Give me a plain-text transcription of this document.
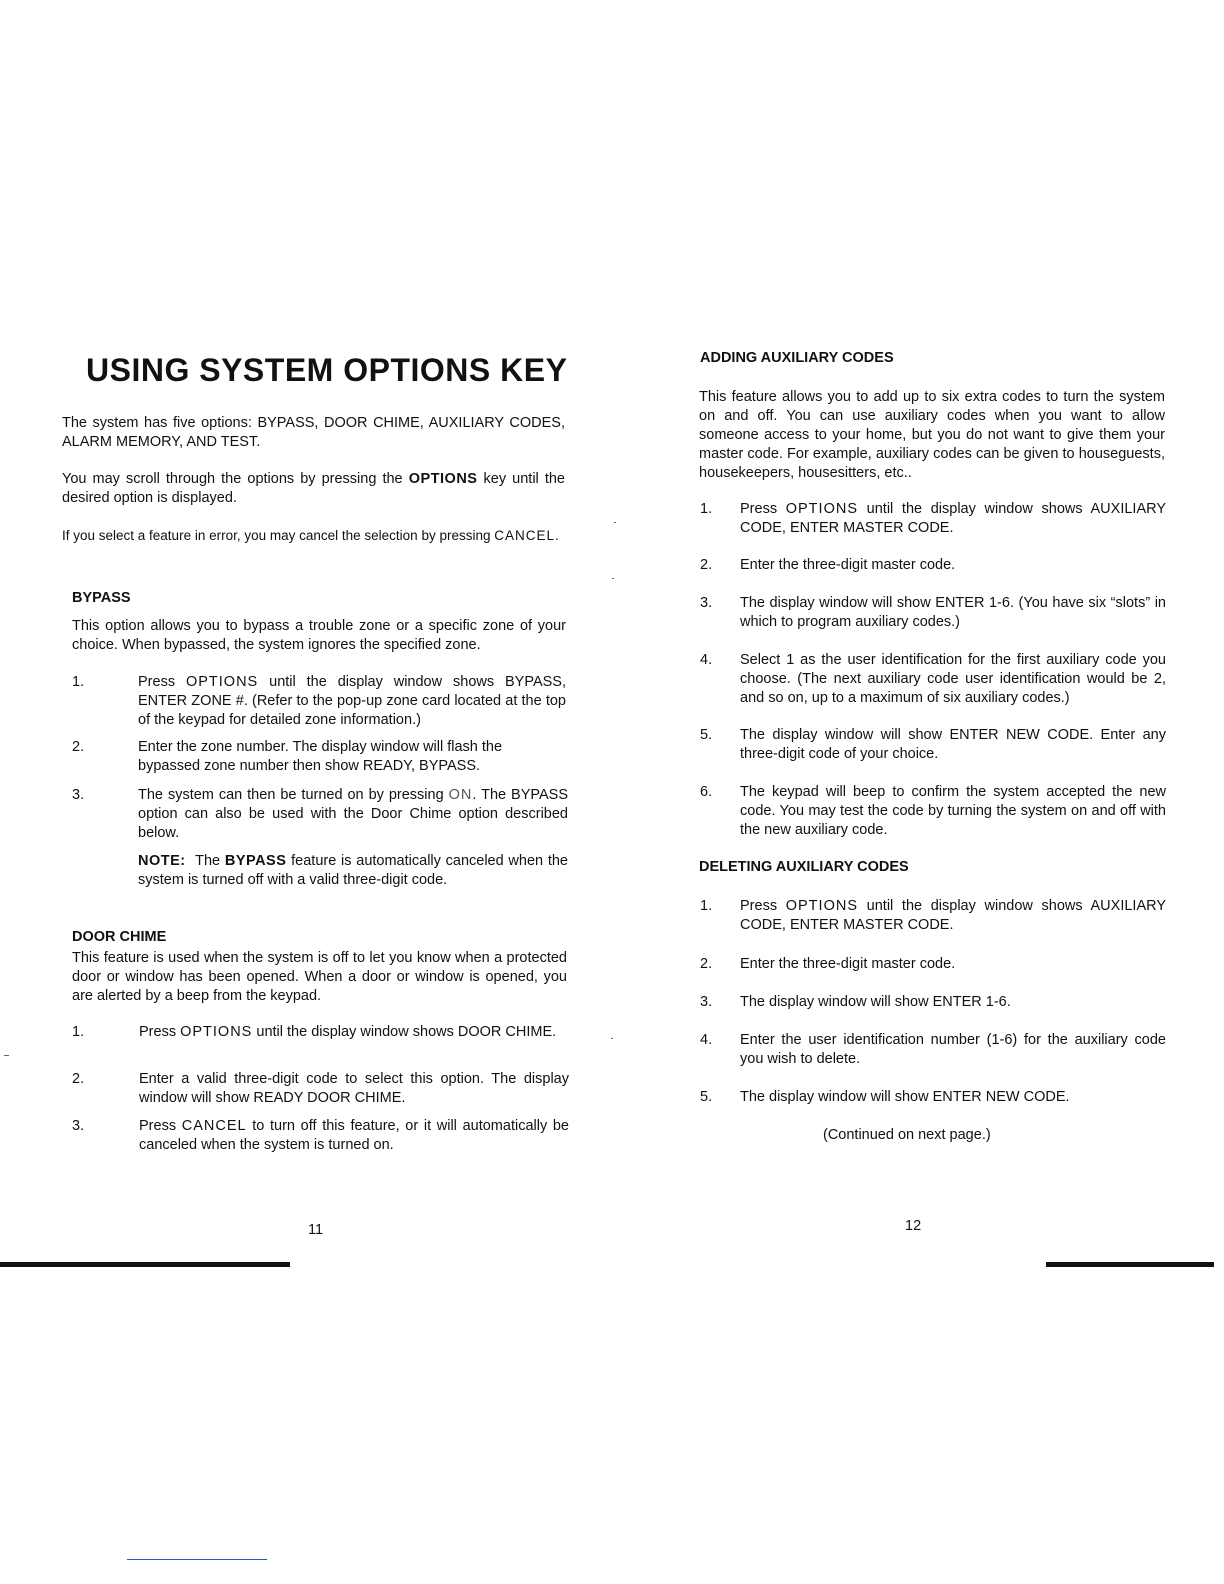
USING SYSTEM OPTIONS KEY

The system has five options: BYPASS, DOOR CHIME, AUXILIARY CODES, ALARM MEMORY, AND TEST.

You may scroll through the options by pressing the OPTIONS key until the desired option is displayed.

If you select a feature in error, you may cancel the selection by pressing CANCEL.

BYPASS

This option allows you to bypass a trouble zone or a specific zone of your choice. When bypassed, the system ignores the specified zone.

1.	Press OPTIONS until the display window shows BYPASS, ENTER ZONE #. (Refer to the pop-up zone card located at the top of the keypad for detailed zone information.)
2.	Enter the zone number. The display window will flash the bypassed zone number then show READY, BYPASS.
3.	The system can then be turned on by pressing ON. The BYPASS option can also be used with the Door Chime option described below.

NOTE: The BYPASS feature is automatically canceled when the system is turned off with a valid three-digit code.

DOOR CHIME

This feature is used when the system is off to let you know when a protected door or window has been opened. When a door or window is opened, you are alerted by a beep from the keypad.

1.	Press OPTIONS until the display window shows DOOR CHIME.
2.	Enter a valid three-digit code to select this option. The display window will show READY DOOR CHIME.
3.	Press CANCEL to turn off this feature, or it will automatically be canceled when the system is turned on.
11
ADDING AUXILIARY CODES

This feature allows you to add up to six extra codes to turn the system on and off. You can use auxiliary codes when you want to allow someone access to your home, but you do not want to give them your master code. For example, auxiliary codes can be given to houseguests, housekeepers, housesitters, etc..

1. Press OPTIONS until the display window shows AUXILIARY CODE, ENTER MASTER CODE.
2. Enter the three-digit master code.
3. The display window will show ENTER 1-6. (You have six “slots” in which to program auxiliary codes.)
4. Select 1 as the user identification for the first auxiliary code you choose. (The next auxiliary code user identification would be 2, and so on, up to a maximum of six auxiliary codes.)
5. The display window will show ENTER NEW CODE. Enter any three-digit code of your choice.
6. The keypad will beep to confirm the system accepted the new code. You may test the code by turning the system on and off with the new auxiliary code.
DELETING AUXILIARY CODES
1. Press OPTIONS until the display window shows AUXILIARY CODE, ENTER MASTER CODE.
2. Enter the three-digit master code.
3. The display window will show ENTER 1-6.
4. Enter the user identification number (1-6) for the auxiliary code you wish to delete.
5. The display window will show ENTER NEW CODE.
(Continued on next page.)
12
